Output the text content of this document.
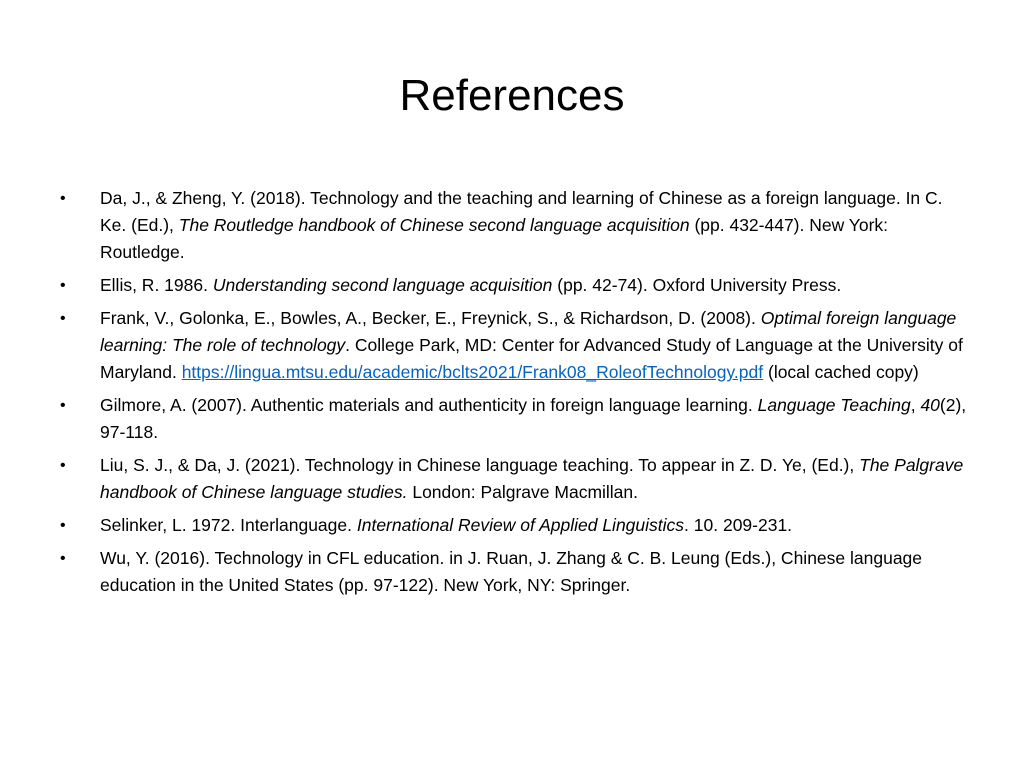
References
• Da, J., & Zheng, Y. (2018). Technology and the teaching and learning of Chinese as a foreign language. In C. Ke. (Ed.), The Routledge handbook of Chinese second language acquisition (pp. 432-447). New York: Routledge.
• Ellis, R. 1986. Understanding second language acquisition (pp. 42-74). Oxford University Press.
• Frank, V., Golonka, E., Bowles, A., Becker, E., Freynick, S., & Richardson, D. (2008). Optimal foreign language learning: The role of technology. College Park, MD: Center for Advanced Study of Language at the University of Maryland. https://lingua.mtsu.edu/academic/bclts2021/Frank08_RoleofTechnology.pdf (local cached copy)
• Gilmore, A. (2007). Authentic materials and authenticity in foreign language learning. Language Teaching, 40(2), 97-118.
• Liu, S. J., & Da, J. (2021). Technology in Chinese language teaching. To appear in Z. D. Ye, (Ed.), The Palgrave handbook of Chinese language studies. London: Palgrave Macmillan.
• Selinker, L. 1972. Interlanguage. International Review of Applied Linguistics. 10. 209-231.
• Wu, Y. (2016). Technology in CFL education. in J. Ruan, J. Zhang & C. B. Leung (Eds.), Chinese language education in the United States (pp. 97-122). New York, NY: Springer.
